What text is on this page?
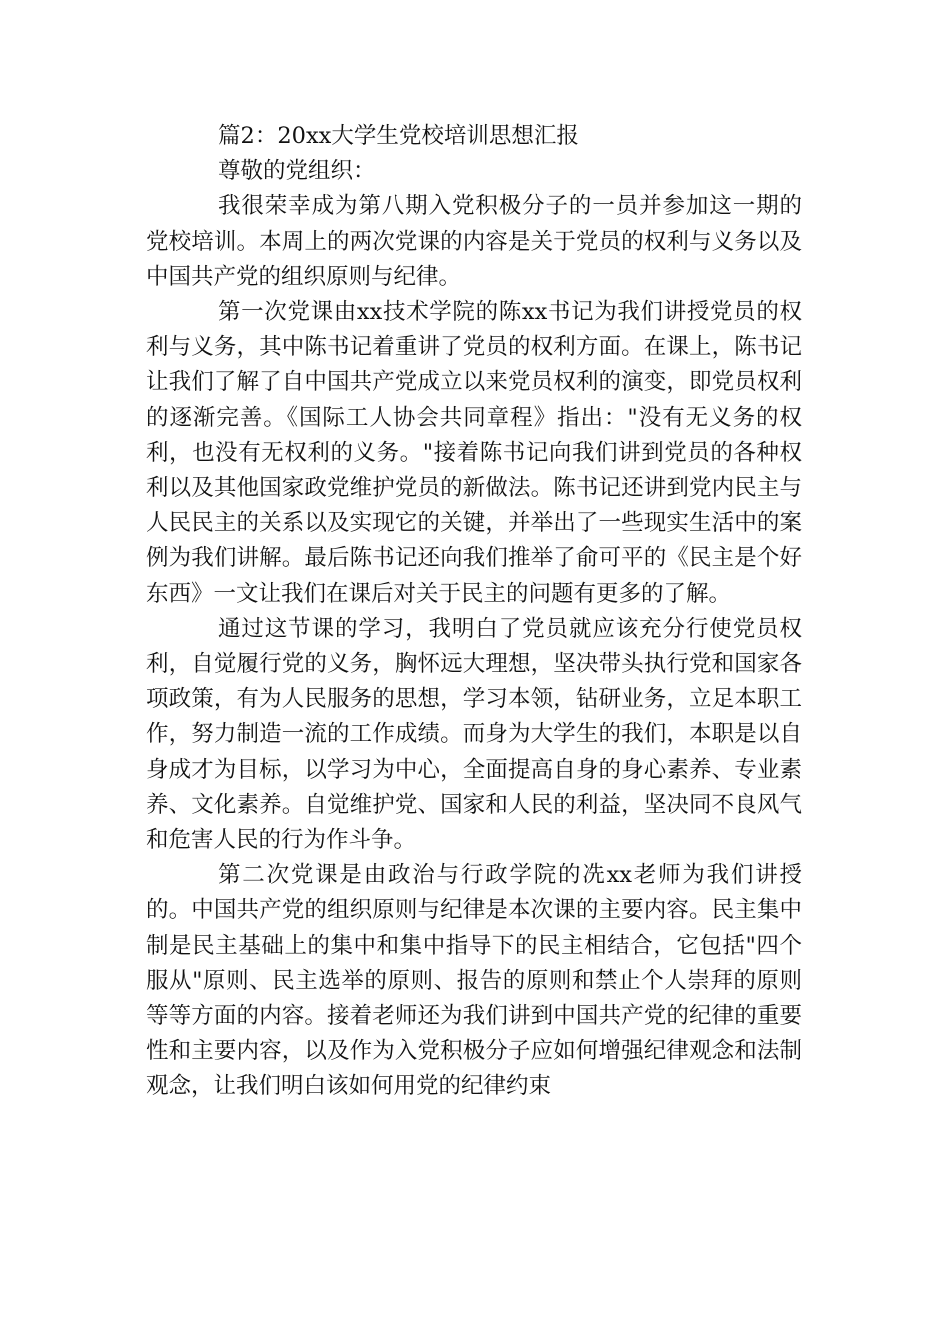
篇2：20xx大学生党校培训思想汇报

尊敬的党组织：

我很荣幸成为第八期入党积极分子的一员并参加这一期的党校培训。本周上的两次党课的内容是关于党员的权利与义务以及中国共产党的组织原则与纪律。

第一次党课由xx技术学院的陈xx书记为我们讲授党员的权利与义务，其中陈书记着重讲了党员的权利方面。在课上，陈书记让我们了解了自中国共产党成立以来党员权利的演变，即党员权利的逐渐完善。《国际工人协会共同章程》指出："没有无义务的权利，也没有无权利的义务。"接着陈书记向我们讲到党员的各种权利以及其他国家政党维护党员的新做法。陈书记还讲到党内民主与人民民主的关系以及实现它的关键，并举出了一些现实生活中的案例为我们讲解。最后陈书记还向我们推举了俞可平的《民主是个好东西》一文让我们在课后对关于民主的问题有更多的了解。

通过这节课的学习，我明白了党员就应该充分行使党员权利，自觉履行党的义务，胸怀远大理想，坚决带头执行党和国家各项政策，有为人民服务的思想，学习本领，钻研业务，立足本职工作，努力制造一流的工作成绩。而身为大学生的我们，本职是以自身成才为目标，以学习为中心，全面提高自身的身心素养、专业素养、文化素养。自觉维护党、国家和人民的利益，坚决同不良风气和危害人民的行为作斗争。

第二次党课是由政治与行政学院的冼xx老师为我们讲授的。中国共产党的组织原则与纪律是本次课的主要内容。民主集中制是民主基础上的集中和集中指导下的民主相结合，它包括"四个服从"原则、民主选举的原则、报告的原则和禁止个人崇拜的原则等等方面的内容。接着老师还为我们讲到中国共产党的纪律的重要性和主要内容，以及作为入党积极分子应如何增强纪律观念和法制观念，让我们明白该如何用党的纪律约束
